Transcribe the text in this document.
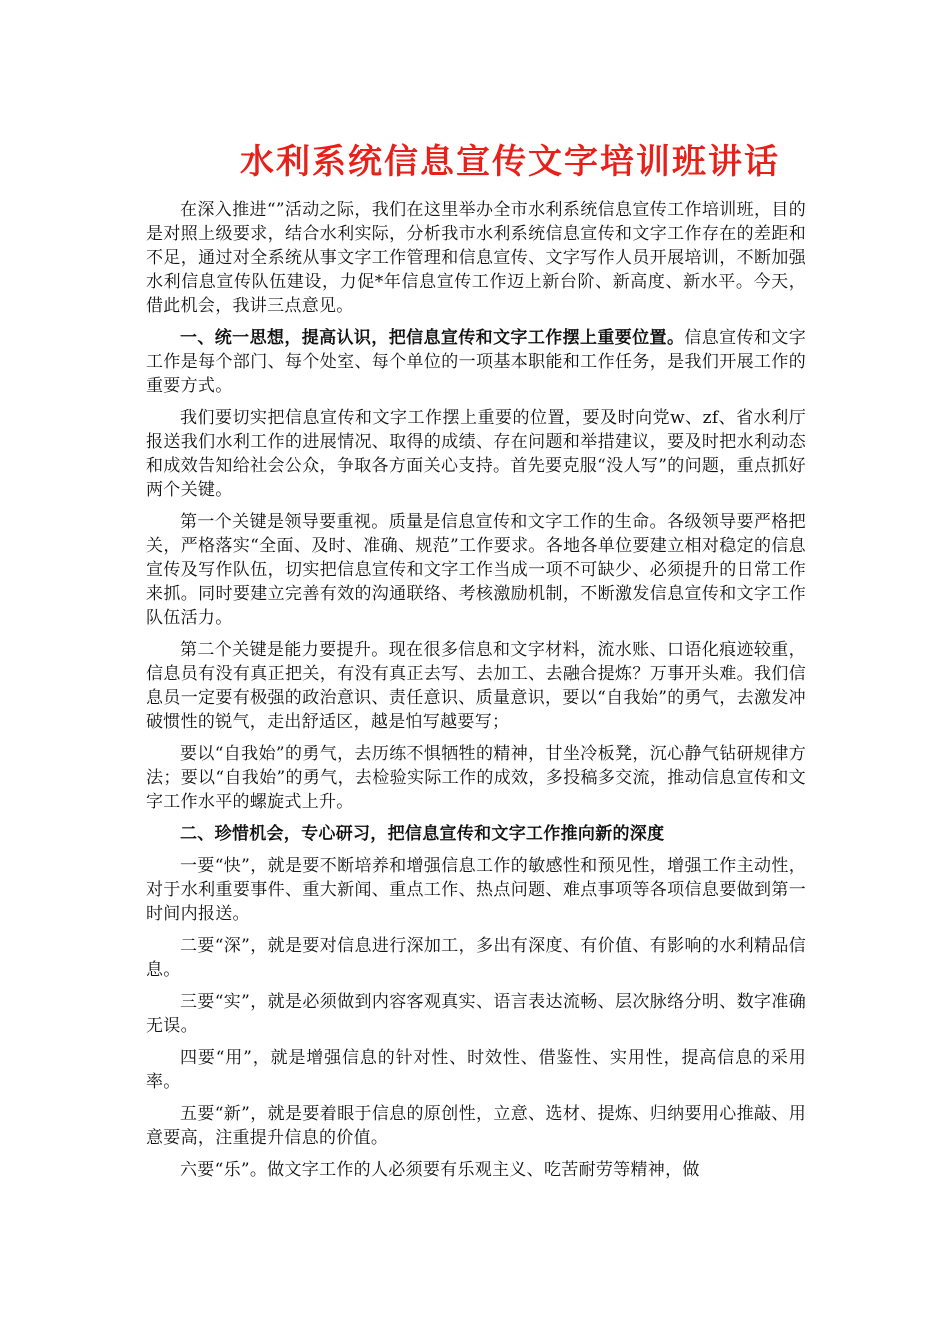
水利系统信息宣传文字培训班讲话

在深入推进“”活动之际，我们在这里举办全市水利系统信息宣传工作培训班，目的是对照上级要求，结合水利实际，分析我市水利系统信息宣传和文字工作存在的差距和不足，通过对全系统从事文字工作管理和信息宣传、文字写作人员开展培训，不断加强水利信息宣传队伍建设，力促*年信息宣传工作迈上新台阶、新高度、新水平。今天，借此机会，我讲三点意见。

一、统一思想，提高认识，把信息宣传和文字工作摆上重要位置。信息宣传和文字工作是每个部门、每个处室、每个单位的一项基本职能和工作任务，是我们开展工作的重要方式。

我们要切实把信息宣传和文字工作摆上重要的位置，要及时向党w、zf、省水利厅报送我们水利工作的进展情况、取得的成绩、存在问题和举措建议，要及时把水利动态和成效告知给社会公众，争取各方面关心支持。首先要克服“没人写”的问题，重点抓好两个关键。

第一个关键是领导要重视。质量是信息宣传和文字工作的生命。各级领导要严格把关，严格落实“全面、及时、准确、规范”工作要求。各地各单位要建立相对稳定的信息宣传及写作队伍，切实把信息宣传和文字工作当成一项不可缺少、必须提升的日常工作来抓。同时要建立完善有效的沟通联络、考核激励机制，不断激发信息宣传和文字工作队伍活力。

第二个关键是能力要提升。现在很多信息和文字材料，流水账、口语化痕迹较重，信息员有没有真正把关，有没有真正去写、去加工、去融合提炼？万事开头难。我们信息员一定要有极强的政治意识、责任意识、质量意识，要以“自我始”的勇气，去激发冲破惯性的锐气，走出舒适区，越是怕写越要写；

要以“自我始”的勇气，去历练不惧牺牲的精神，甘坐冷板凳，沉心静气钻研规律方法；要以“自我始”的勇气，去检验实际工作的成效，多投稿多交流，推动信息宣传和文字工作水平的螺旋式上升。

二、珍惜机会，专心研习，把信息宣传和文字工作推向新的深度

一要“快”，就是要不断培养和增强信息工作的敏感性和预见性，增强工作主动性，对于水利重要事件、重大新闻、重点工作、热点问题、难点事项等各项信息要做到第一时间内报送。

二要“深”，就是要对信息进行深加工，多出有深度、有价值、有影响的水利精品信息。

三要“实”，就是必须做到内容客观真实、语言表达流畅、层次脉络分明、数字准确无误。

四要“用”，就是增强信息的针对性、时效性、借鉴性、实用性，提高信息的采用率。

五要“新”，就是要着眼于信息的原创性，立意、选材、提炼、归纳要用心推敲、用意要高，注重提升信息的价值。

六要“乐”。做文字工作的人必须要有乐观主义、吃苦耐劳等精神，做
